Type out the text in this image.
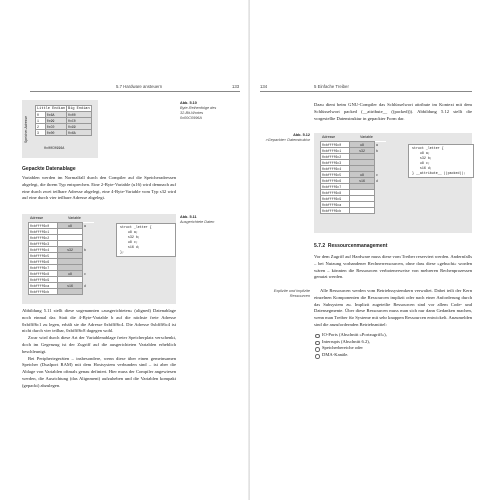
5.7 Hardware ansteuern	133
Speicher-Adresse
Little Endian		Big Endian
0	0x6A	0x00
1	0x99	0xC0
2	0xC0	0x99
3	0x00	0x6A
0x00C0996A
Abb. 5.10
Byte-Reihenfolge des
32-Bit-Wortes
0x00C0996A
Gepackte Datenablage

Variablen werden im Normalfall durch den Compiler auf die Speicheradressen abgelegt, die ihrem Typ entsprechen. Eine 2-Byte-Variable (u16) wird demnach auf eine durch zwei teilbare Adresse abgelegt, eine 4-Byte-Variable vom Typ s32 wird auf eine durch vier teilbare Adresse abgelegt.

Adresse	Variable
0xbffff6c0	u8	a
0xbffff6c1		
0xbffff6c2		
0xbffff6c3		
0xbffff6c4	s32	b
0xbffff6c5		
0xbffff6c6		
0xbffff6c7		
0xbffff6c8	u8	c
0xbffff6c9		
0xbffff6ca	s16	d
0xbffff6cb		
struct _letter {
u8 a;
s32 b;
u8 c;
s16 d;
};
Abb. 5.11
Ausgerichtete Daten

Abbildung 5.11 stellt diese sogenannten »ausgerichteten« (aligned) Datenablage noch einmal dar. Statt die 4-Byte-Variable b auf die nächste freie Adresse 0xbffff6c1 zu legen, erhält sie die Adresse 0xbffff6c4. Die Adresse 0xbffff6c4 ist nicht durch vier teilbar, 0xbffff6c8 dagegen wohl.

Zwar wird durch diese Art der Variablenablage freier Speicherplatz verschenkt, doch im Gegenzug ist der Zugriff auf die ausgerichteten Variablen erheblich beschleunigt.

Bei Peripheriegeräten – insbesondere, wenn diese über einen gemeinsamen Speicher (Dualport RAM) mit dem Hostsystem verbunden sind – ist aber die Ablage von Variablen oftmals genau definiert. Hier muss der Compiler angewiesen werden, die Ausrichtung (das Alignment) aufzuheben und die Variablen kompakt (gepackt) abzulegen.

134	5 Einfache Treiber

Dazu dient beim GNU-Compiler das Schlüsselwort attribute im Kontext mit dem Schlüsselwort packed (__attribute__ ((packed))). Abbildung 5.12 stellt die vorgestellte Datenstruktur in gepackter Form dar.

Abb. 5.12
»Gepackte« Datenstruktur
Adresse	Variable
0xbffff6c0	u8	a
0xbffff6c1	s32	b
0xbffff6c2		
0xbffff6c3		
0xbffff6c4		
0xbffff6c5	u8	c
0xbffff6c6	s16	d
0xbffff6c7		
0xbffff6c8		
0xbffff6c9		
0xbffff6ca		
0xbffff6cb		
struct _letter {
u8 a;
s32 b;
u8 c;
s16 d;
} __attribute__ ((packed));
5.7.2 Ressourcenmanagement

Vor dem Zugriff auf Hardware muss diese vom Treiber reserviert werden. Andernfalls – bei Nutzung vorhandener Rechnerressourcen, ohne dass diese »gebucht« worden wären – könnten die Ressourcen verbotenerweise von mehreren Rechenprozessen genutzt werden.

Explizite und implizite
Ressourcen

Alle Ressourcen werden vom Betriebssystemkern verwaltet. Dabei teilt der Kern einzelnen Komponenten die Ressourcen implizit oder nach einer Anforderung durch das Subsystem zu. Implizit zugeteilte Ressourcen sind vor allem Code- und Datensegmente. Über diese Ressourcen muss man sich nur dann Gedanken machen, wenn man Treiber für Systeme mit sehr knappen Ressourcen entwickelt. Anzumelden sind die anzufordernden Betriebsmittel:

IO-Ports (Abschnitt »Portzugriff«),
Interrupts (Abschnitt 6.2),
Speicherbereiche oder
DMA-Kanäle.
